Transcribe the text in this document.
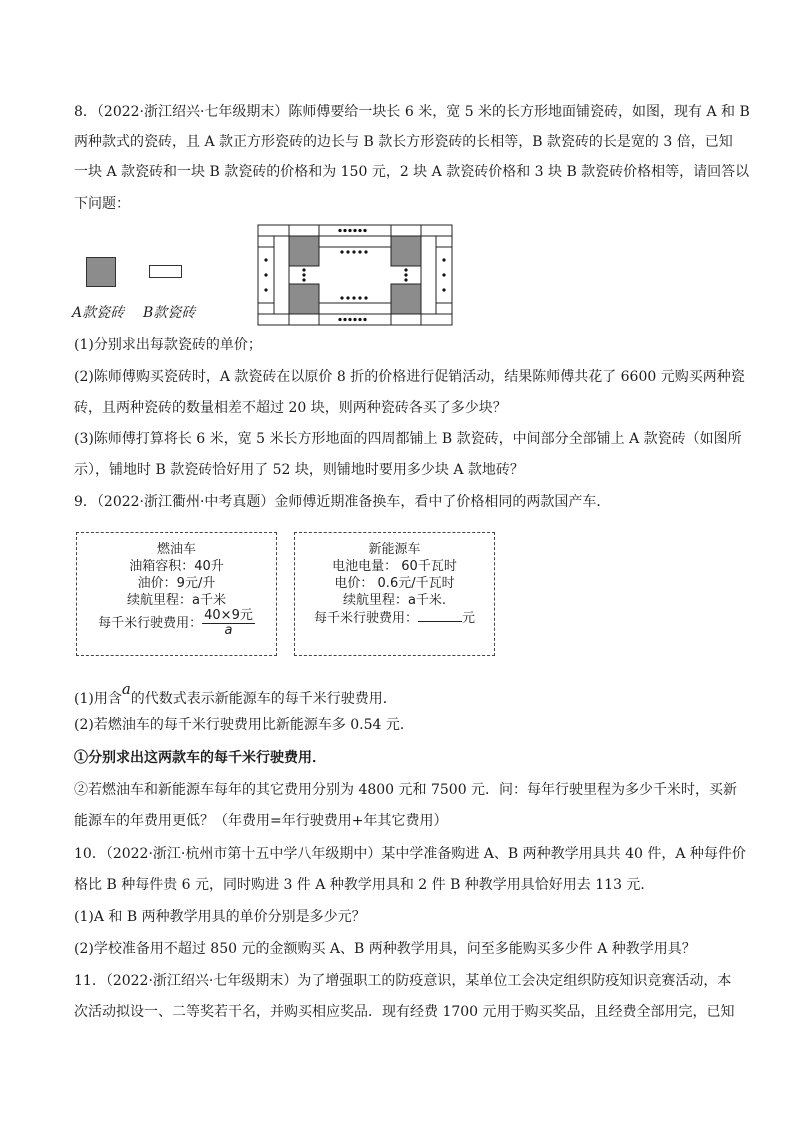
8．（2022·浙江绍兴·七年级期末）陈师傅要给一块长 6 米，宽 5 米的长方形地面铺瓷砖，如图，现有 A 和 B
两种款式的瓷砖，且 A 款正方形瓷砖的边长与 B 款长方形瓷砖的长相等，B 款瓷砖的长是宽的 3 倍，已知
一块 A 款瓷砖和一块 B 款瓷砖的价格和为 150 元，2 块 A 款瓷砖价格和 3 块 B 款瓷砖价格相等，请回答以
下问题：
A款瓷砖 B款瓷砖
(1)分别求出每款瓷砖的单价；
(2)陈师傅购买瓷砖时，A 款瓷砖在以原价 8 折的价格进行促销活动，结果陈师傅共花了 6600 元购买两种瓷
砖，且两种瓷砖的数量相差不超过 20 块，则两种瓷砖各买了多少块？
(3)陈师傅打算将长 6 米，宽 5 米长方形地面的四周都铺上 B 款瓷砖，中间部分全部铺上 A 款瓷砖（如图所
示），铺地时 B 款瓷砖恰好用了 52 块，则铺地时要用多少块 A 款地砖？
9．（2022·浙江衢州·中考真题）金师傅近期准备换车，看中了价格相同的两款国产车．
燃油车
油箱容积：40升
油价：9元/升
续航里程：a千米
每千米行驶费用： $\frac{\text{40×9元}}{a}$
新能源车
电池电量： 60千瓦时
电价： 0.6元/千瓦时
续航里程：a千米.
每千米行驶费用：	元
(1)用含a的代数式表示新能源车的每千米行驶费用．
(2)若燃油车的每千米行驶费用比新能源车多 0.54 元．
①分别求出这两款车的每千米行驶费用．
②若燃油车和新能源车每年的其它费用分别为 4800 元和 7500 元．问：每年行驶里程为多少千米时，买新
能源车的年费用更低？（年费用=年行驶费用+年其它费用）
10．（2022·浙江·杭州市第十五中学八年级期中）某中学准备购进 A、B 两种教学用具共 40 件，A 种每件价
格比 B 种每件贵 6 元，同时购进 3 件 A 种教学用具和 2 件 B 种教学用具恰好用去 113 元．
(1)A 和 B 两种教学用具的单价分别是多少元？
(2)学校准备用不超过 850 元的金额购买 A、B 两种教学用具，问至多能购买多少件 A 种教学用具？
11．（2022·浙江绍兴·七年级期末）为了增强职工的防疫意识，某单位工会决定组织防疫知识竞赛活动，本
次活动拟设一、二等奖若干名，并购买相应奖品．现有经费 1700 元用于购买奖品，且经费全部用完，已知
